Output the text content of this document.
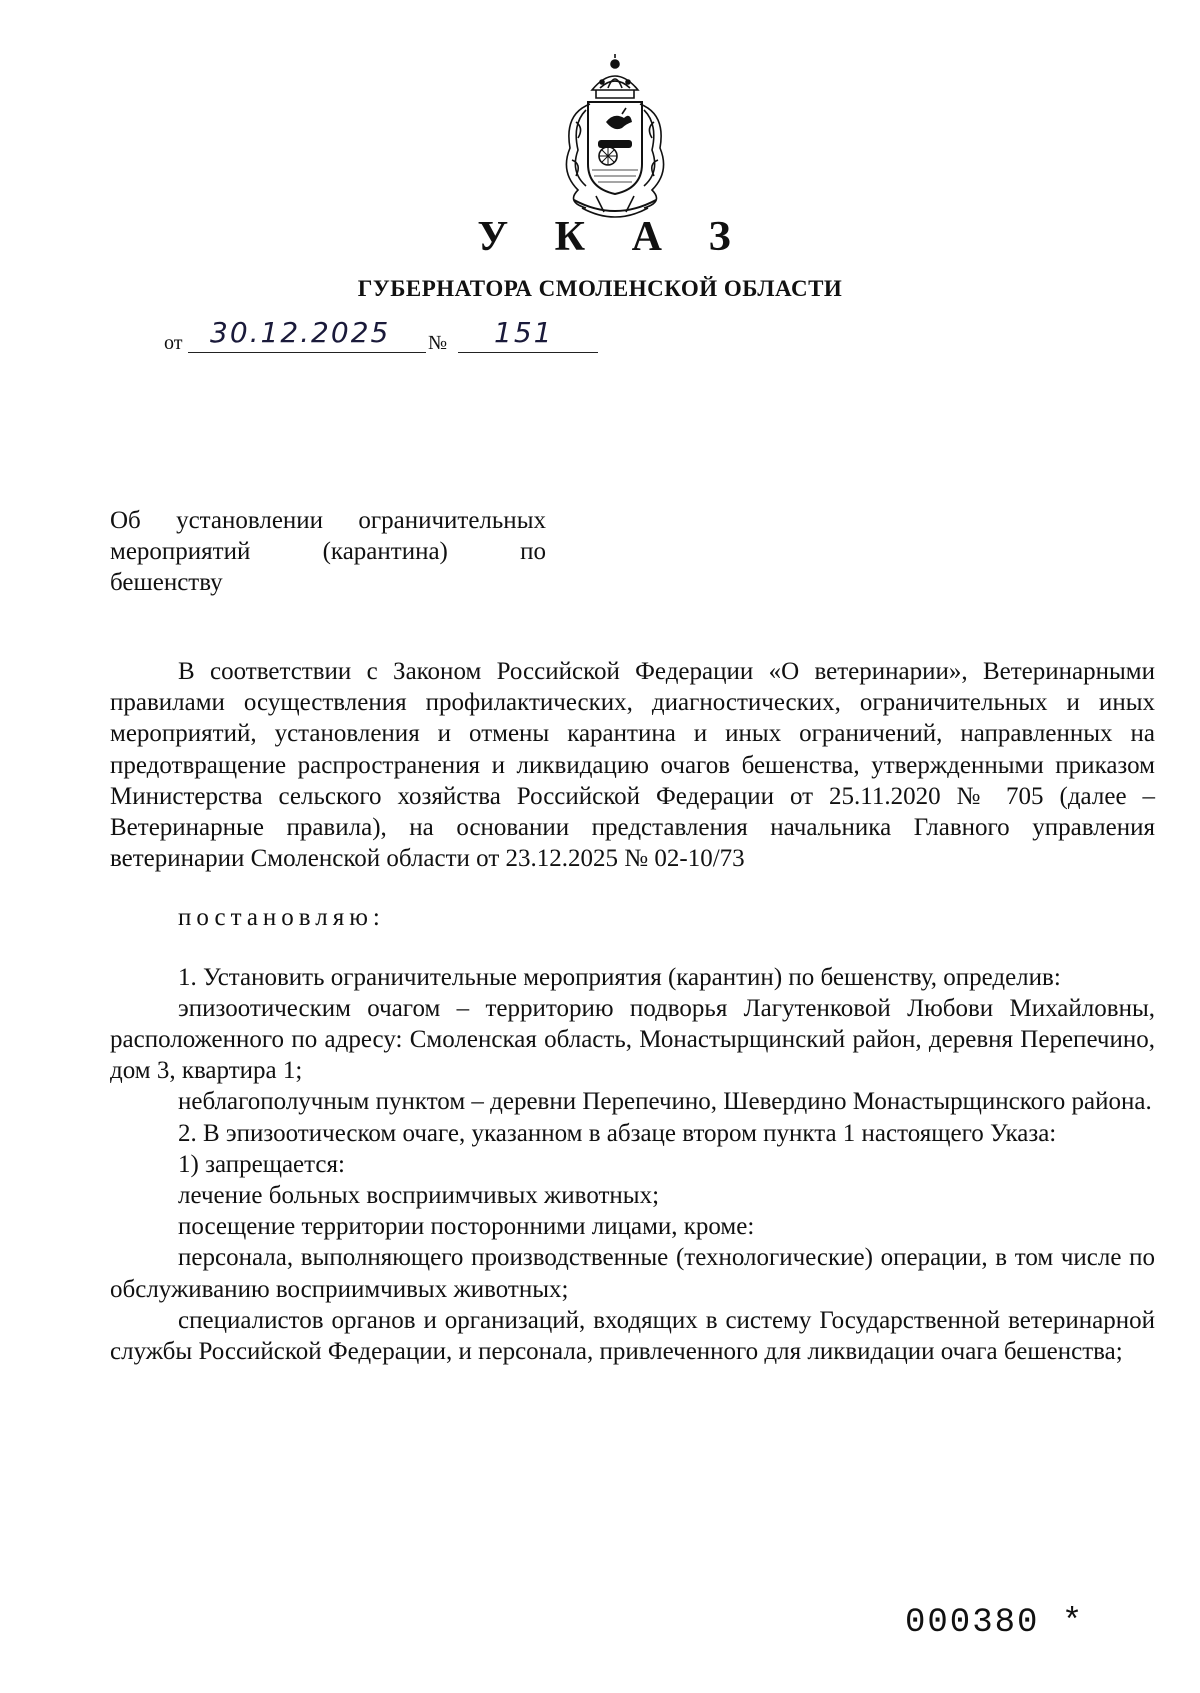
У К А З
ГУБЕРНАТОРА СМОЛЕНСКОЙ ОБЛАСТИ
от 30.12.2025 № 151
Об установлении ограничительных
мероприятий (карантина) по
бешенству

В соответствии с Законом Российской Федерации «О ветеринарии», Ветеринарными правилами осуществления профилактических, диагностических, ограничительных и иных мероприятий, установления и отмены карантина и иных ограничений, направленных на предотвращение распространения и ликвидацию очагов бешенства, утвержденными приказом Министерства сельского хозяйства Российской Федерации от 25.11.2020 № 705 (далее – Ветеринарные правила), на основании представления начальника Главного управления ветеринарии Смоленской области от 23.12.2025 № 02-10/73

постановляю:

1. Установить ограничительные мероприятия (карантин) по бешенству, определив:

эпизоотическим очагом – территорию подворья Лагутенковой Любови Михайловны, расположенного по адресу: Смоленская область, Монастырщинский район, деревня Перепечино, дом 3, квартира 1;

неблагополучным пунктом – деревни Перепечино, Шевердино Монастырщинского района.

2. В эпизоотическом очаге, указанном в абзаце втором пункта 1 настоящего Указа:

1) запрещается:

лечение больных восприимчивых животных;

посещение территории посторонними лицами, кроме:

персонала, выполняющего производственные (технологические) операции, в том числе по обслуживанию восприимчивых животных;

специалистов органов и организаций, входящих в систему Государственной ветеринарной службы Российской Федерации, и персонала, привлеченного для ликвидации очага бешенства;

000380 *
